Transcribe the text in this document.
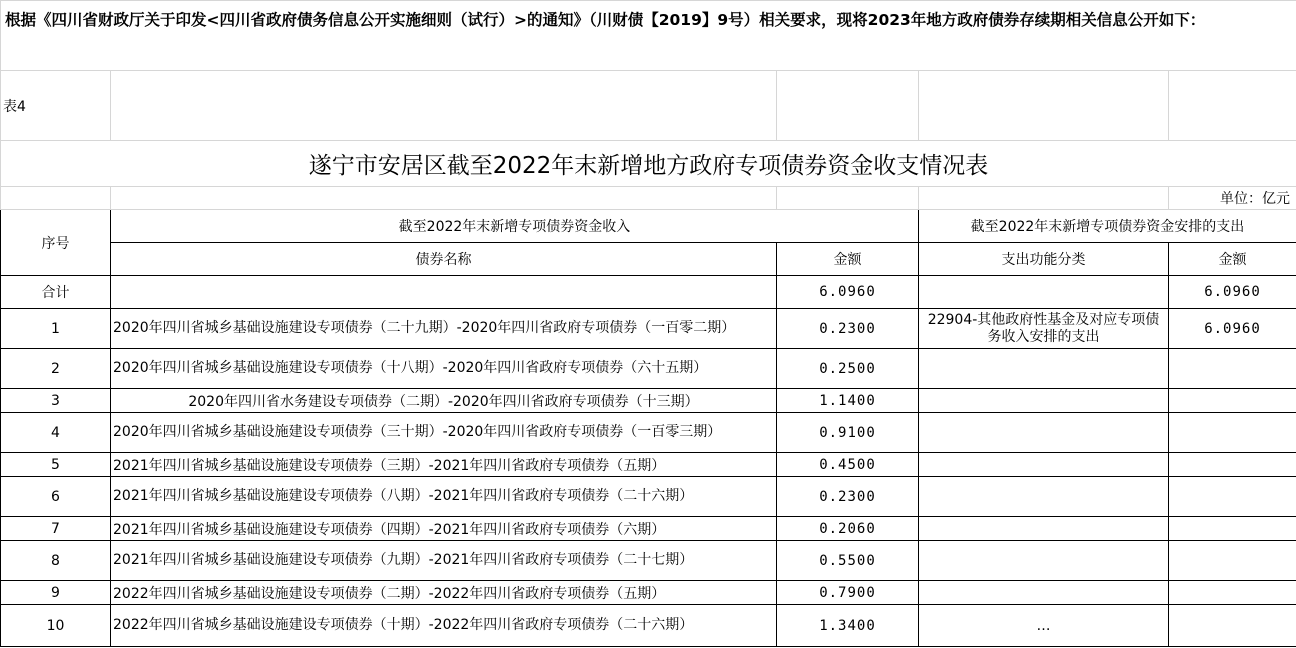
根据《四川省财政厅关于印发<四川省政府债务信息公开实施细则（试行）>的通知》（川财债【2019】9号）相关要求，现将2023年地方政府债券存续期相关信息公开如下：				
表4				
遂宁市安居区截至2022年末新增地方政府专项债券资金收支情况表				
				单位：亿元
序号	截至2022年末新增专项债券资金收入		截至2022年末新增专项债券资金安排的支出	
	债券名称	金额	支出功能分类	金额
合计		6.0960		6.0960
1	2020年四川省城乡基础设施建设专项债券（二十九期）-2020年四川省政府专项债券（一百零二期）	0.2300	22904-其他政府性基金及对应专项债务收入安排的支出	6.0960
2	2020年四川省城乡基础设施建设专项债券（十八期）-2020年四川省政府专项债券（六十五期）	0.2500		
3	2020年四川省水务建设专项债券（二期）-2020年四川省政府专项债券（十三期）	1.1400		
4	2020年四川省城乡基础设施建设专项债券（三十期）-2020年四川省政府专项债券（一百零三期）	0.9100		
5	2021年四川省城乡基础设施建设专项债券（三期）-2021年四川省政府专项债券（五期）	0.4500		
6	2021年四川省城乡基础设施建设专项债券（八期）-2021年四川省政府专项债券（二十六期）	0.2300		
7	2021年四川省城乡基础设施建设专项债券（四期）-2021年四川省政府专项债券（六期）	0.2060		
8	2021年四川省城乡基础设施建设专项债券（九期）-2021年四川省政府专项债券（二十七期）	0.5500		
9	2022年四川省城乡基础设施建设专项债券（二期）-2022年四川省政府专项债券（五期）	0.7900		
10	2022年四川省城乡基础设施建设专项债券（十期）-2022年四川省政府专项债券（二十六期）	1.3400	…	
